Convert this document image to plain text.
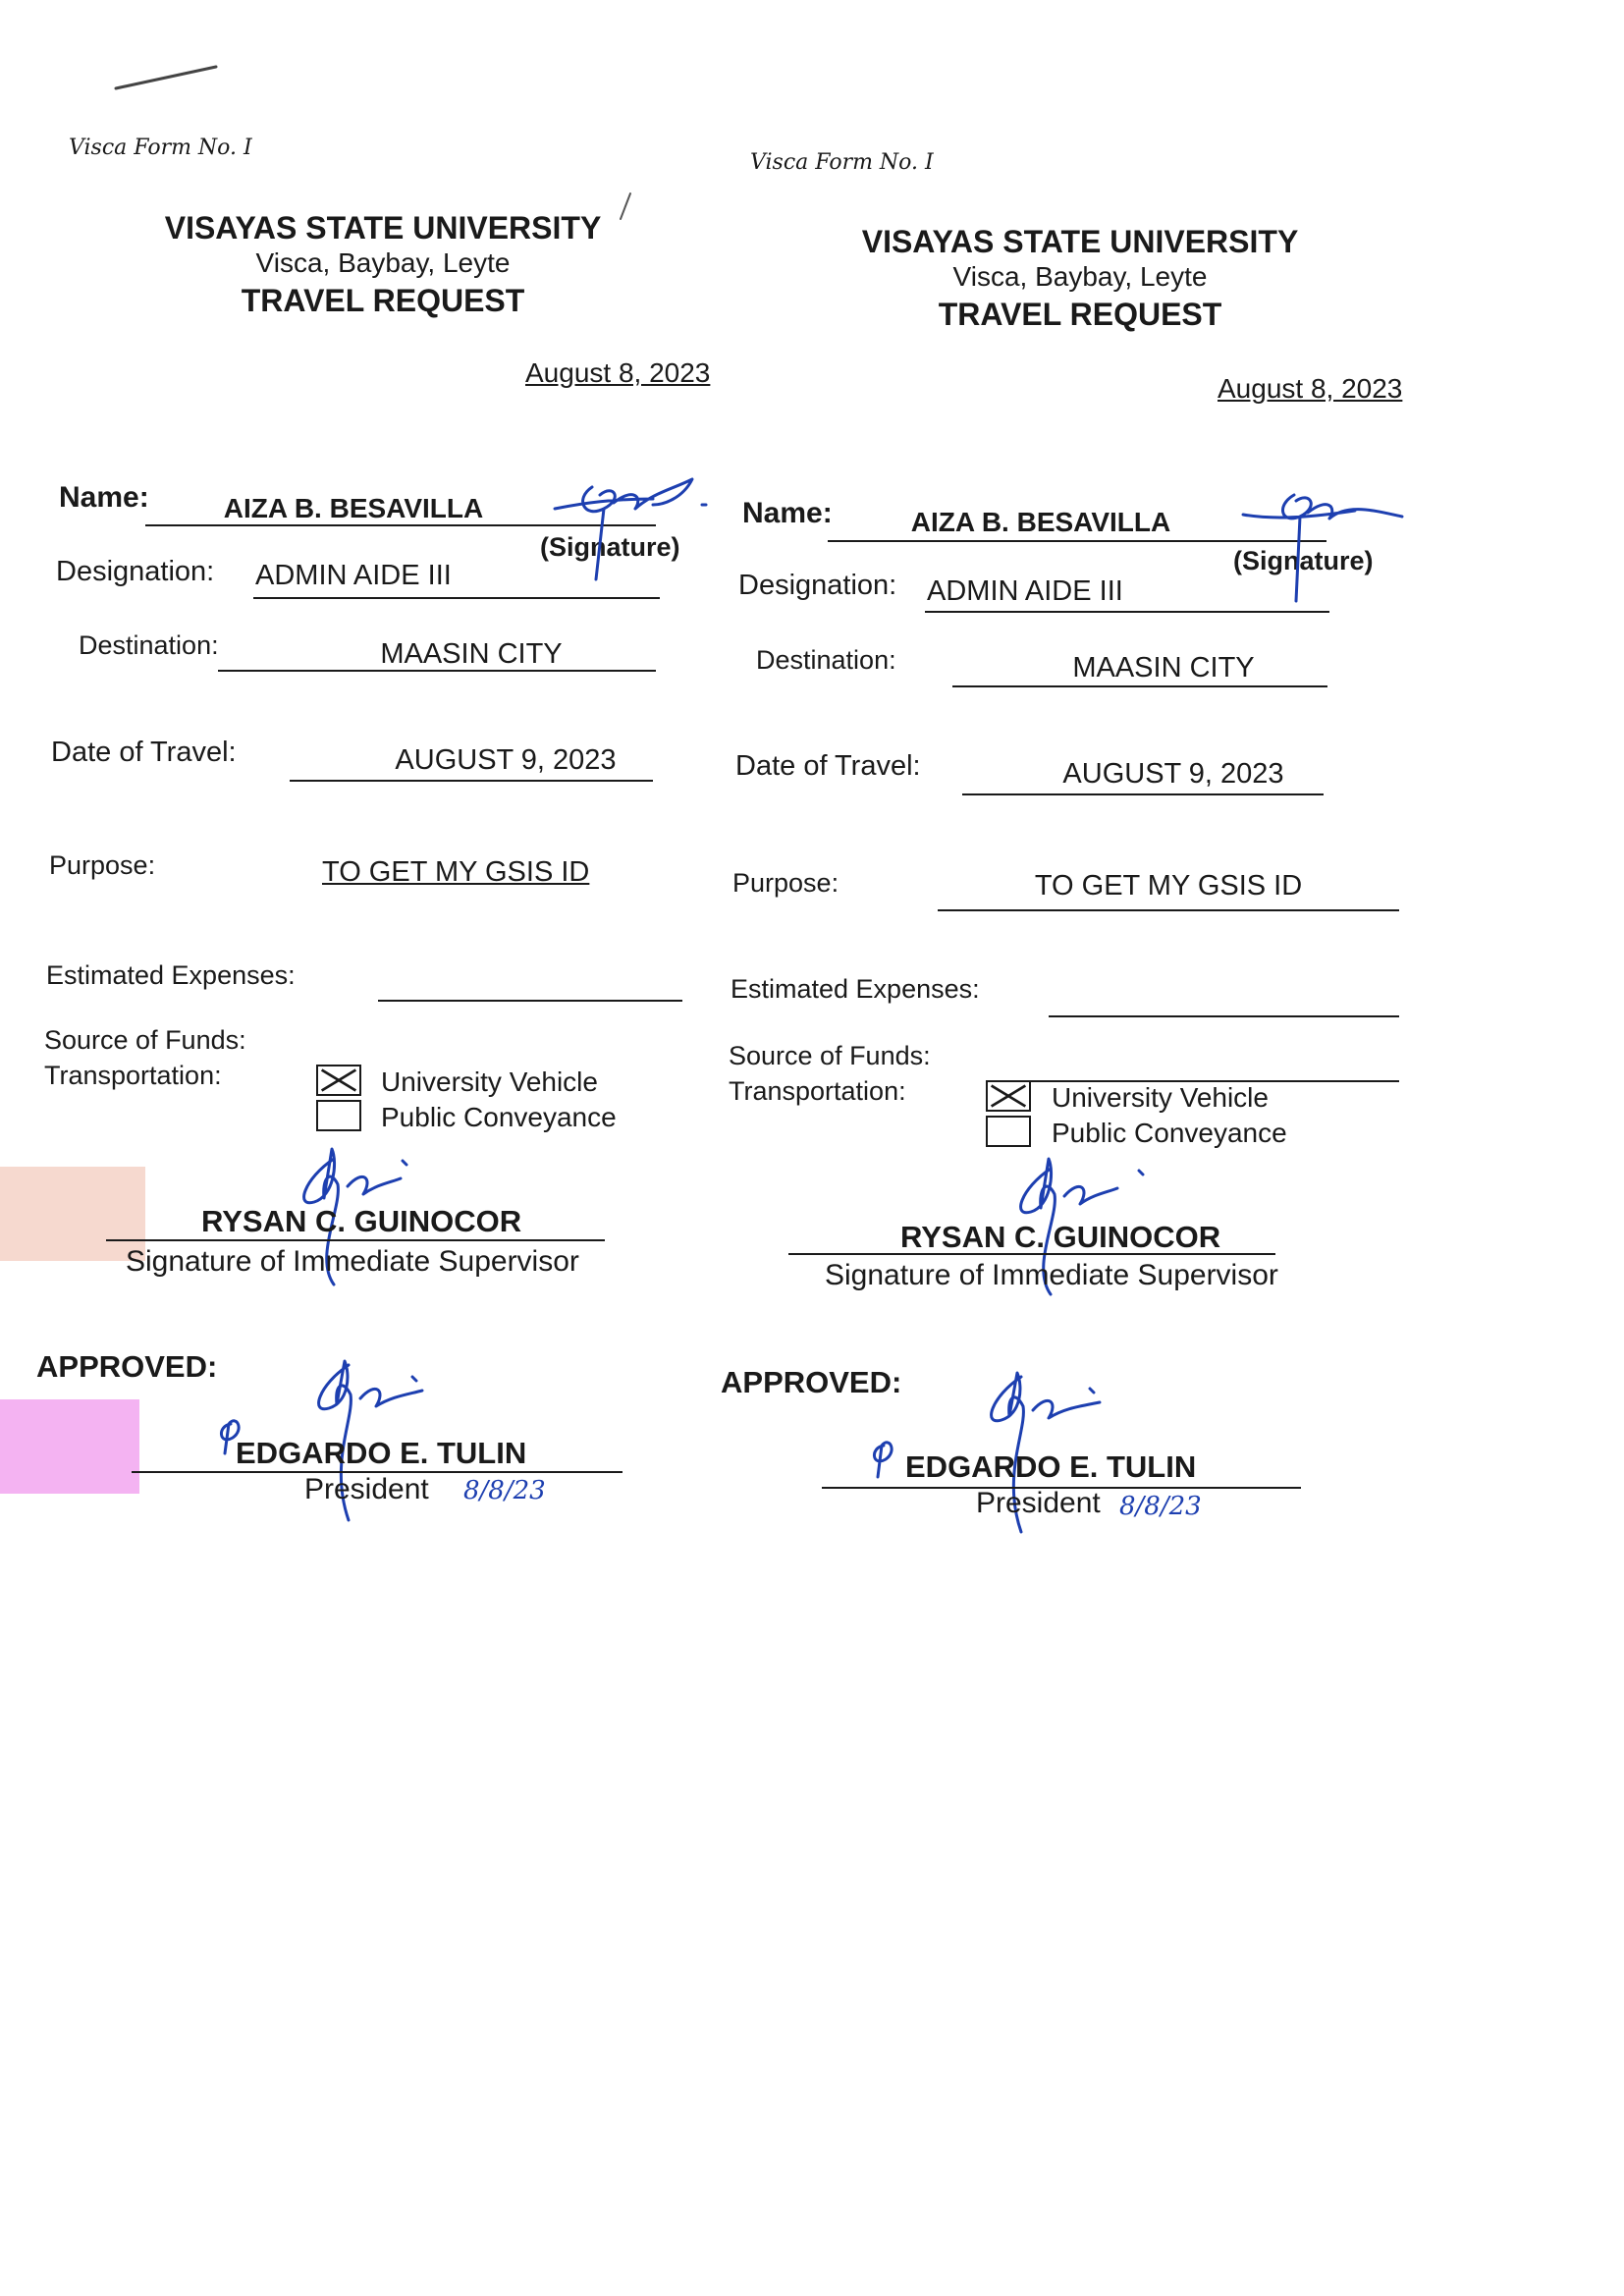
Visca Form No. I
VISAYAS STATE UNIVERSITY
Visca, Baybay, Leyte
TRAVEL REQUEST
August 8, 2023
Name:	AIZA B. BESAVILLA
(Signature)
Designation: ADMIN AIDE III
Destination:	MAASIN CITY
Date of Travel:	AUGUST 9, 2023
Purpose:	TO GET MY GSIS ID
Estimated Expenses:
Source of Funds:
Transportation:	University Vehicle
Public Conveyance
RYSAN C. GUINOCOR
Signature of Immediate Supervisor
APPROVED:
EDGARDO E. TULIN
President 8/8/23
Visca Form No. I
VISAYAS STATE UNIVERSITY
Visca, Baybay, Leyte
TRAVEL REQUEST
August 8, 2023
Name:	AIZA B. BESAVILLA
(Signature)
Designation: ADMIN AIDE III
Destination:	MAASIN CITY
Date of Travel:	AUGUST 9, 2023
Purpose:	TO GET MY GSIS ID
Estimated Expenses:
Source of Funds:
Transportation:	University Vehicle
Public Conveyance
RYSAN C. GUINOCOR
Signature of Immediate Supervisor
APPROVED:
EDGARDO E. TULIN
President 8/8/23
